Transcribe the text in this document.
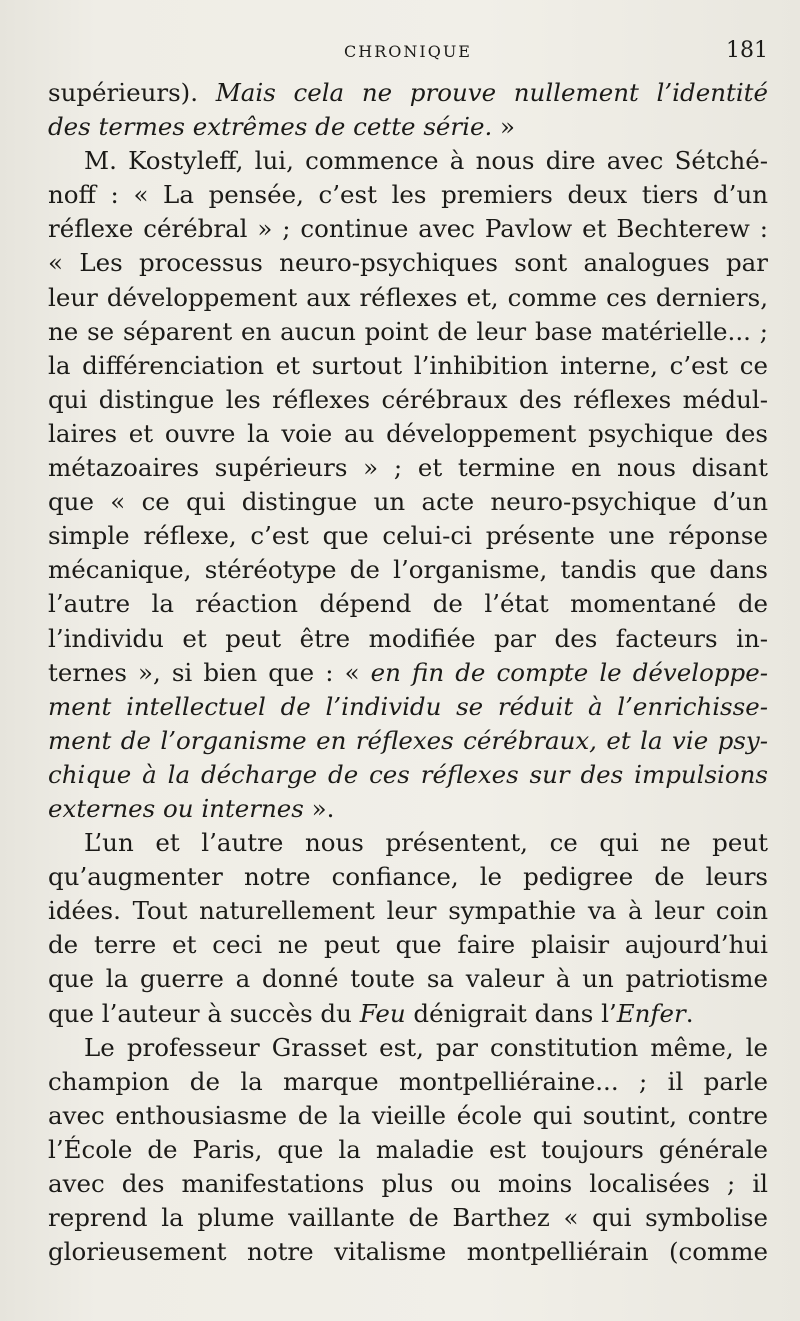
CHRONIQUE	181
supérieurs). Mais cela ne prouve nullement l’identité
des termes extrêmes de cette série. »
M. Kostyleff, lui, commence à nous dire avec Sétché-
noff : « La pensée, c’est les premiers deux tiers d’un
réflexe cérébral » ; continue avec Pavlow et Bechterew :
« Les processus neuro-psychiques sont analogues par
leur développement aux réflexes et, comme ces derniers,
ne se séparent en aucun point de leur base matérielle... ;
la différenciation et surtout l’inhibition interne, c’est ce
qui distingue les réflexes cérébraux des réflexes médul-
laires et ouvre la voie au développement psychique des
métazoaires supérieurs » ; et termine en nous disant
que « ce qui distingue un acte neuro-psychique d’un
simple réflexe, c’est que celui-ci présente une réponse
mécanique, stéréotype de l’organisme, tandis que dans
l’autre la réaction dépend de l’état momentané de
l’individu et peut être modifiée par des facteurs in-
ternes », si bien que : « en fin de compte le développe-
ment intellectuel de l’individu se réduit à l’enrichisse-
ment de l’organisme en réflexes cérébraux, et la vie psy-
chique à la décharge de ces réflexes sur des impulsions
externes ou internes ».
L’un et l’autre nous présentent, ce qui ne peut
qu’augmenter notre confiance, le pedigree de leurs
idées. Tout naturellement leur sympathie va à leur coin
de terre et ceci ne peut que faire plaisir aujourd’hui
que la guerre a donné toute sa valeur à un patriotisme
que l’auteur à succès du Feu dénigrait dans l’Enfer.
Le professeur Grasset est, par constitution même, le
champion de la marque montpelliéraine... ; il parle
avec enthousiasme de la vieille école qui soutint, contre
l’École de Paris, que la maladie est toujours générale
avec des manifestations plus ou moins localisées ; il
reprend la plume vaillante de Barthez « qui symbolise
glorieusement notre vitalisme montpelliérain (comme
